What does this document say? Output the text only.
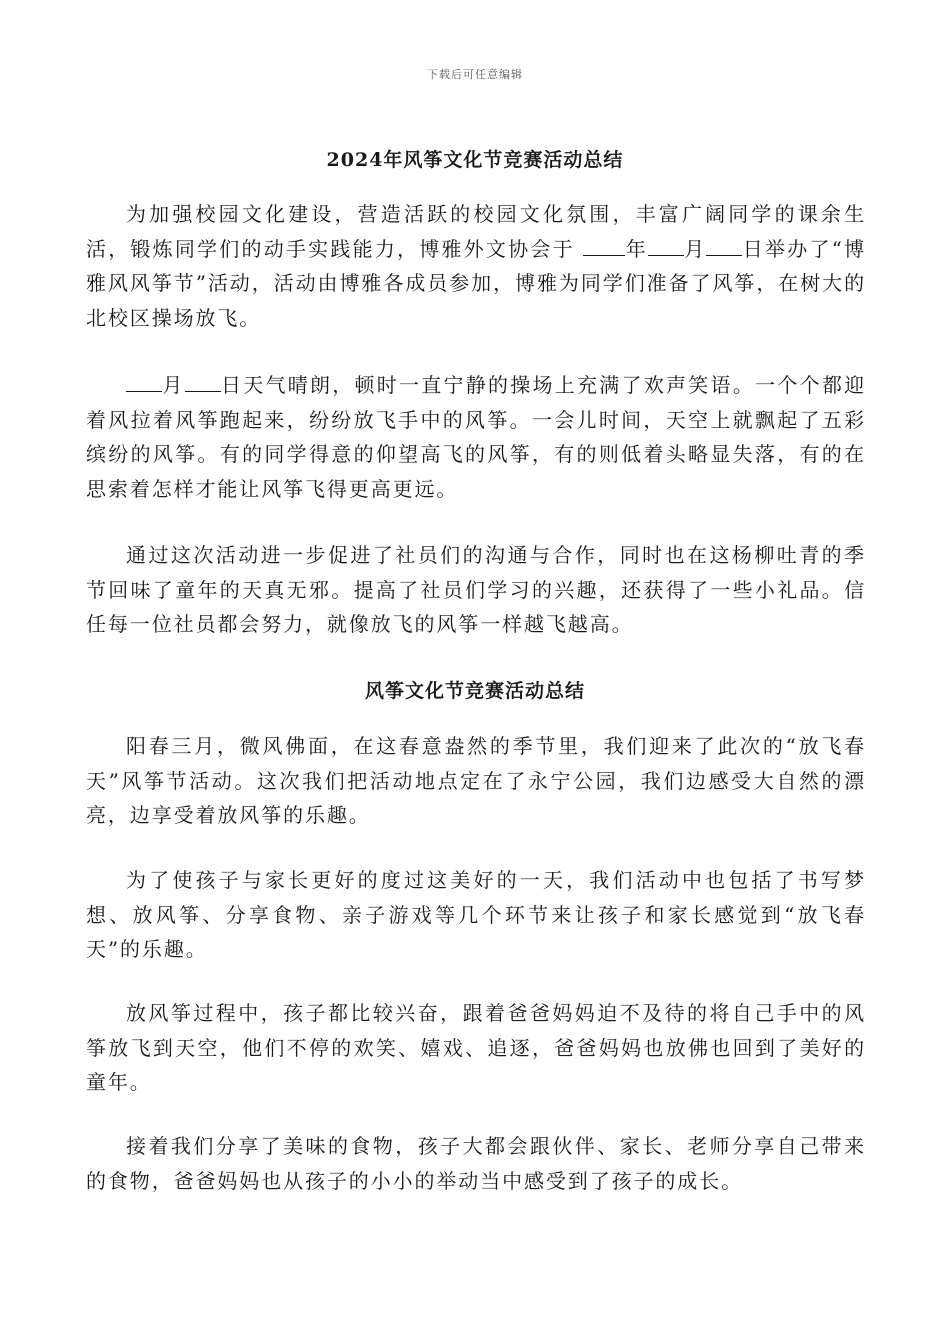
下载后可任意编辑
2024年风筝文化节竞赛活动总结

为加强校园文化建设，营造活跃的校园文化氛围，丰富广阔同学的课余生活，锻炼同学们的动手实践能力，博雅外文协会于	年 月 日举办了“博雅风风筝节”活动，活动由博雅各成员参加，博雅为同学们准备了风筝，在树大的北校区操场放飞。

月 日天气晴朗，顿时一直宁静的操场上充满了欢声笑语。一个个都迎着风拉着风筝跑起来，纷纷放飞手中的风筝。一会儿时间，天空上就飘起了五彩缤纷的风筝。有的同学得意的仰望高飞的风筝，有的则低着头略显失落，有的在思索着怎样才能让风筝飞得更高更远。

通过这次活动进一步促进了社员们的沟通与合作，同时也在这杨柳吐青的季节回味了童年的天真无邪。提高了社员们学习的兴趣，还获得了一些小礼品。信任每一位社员都会努力，就像放飞的风筝一样越飞越高。

风筝文化节竞赛活动总结

阳春三月，微风佛面，在这春意盎然的季节里，我们迎来了此次的“放飞春天”风筝节活动。这次我们把活动地点定在了永宁公园，我们边感受大自然的漂亮，边享受着放风筝的乐趣。

为了使孩子与家长更好的度过这美好的一天，我们活动中也包括了书写梦想、放风筝、分享食物、亲子游戏等几个环节来让孩子和家长感觉到“放飞春天”的乐趣。

放风筝过程中，孩子都比较兴奋，跟着爸爸妈妈迫不及待的将自己手中的风筝放飞到天空，他们不停的欢笑、嬉戏、追逐，爸爸妈妈也放佛也回到了美好的童年。

接着我们分享了美味的食物，孩子大都会跟伙伴、家长、老师分享自己带来的食物，爸爸妈妈也从孩子的小小的举动当中感受到了孩子的成长。
